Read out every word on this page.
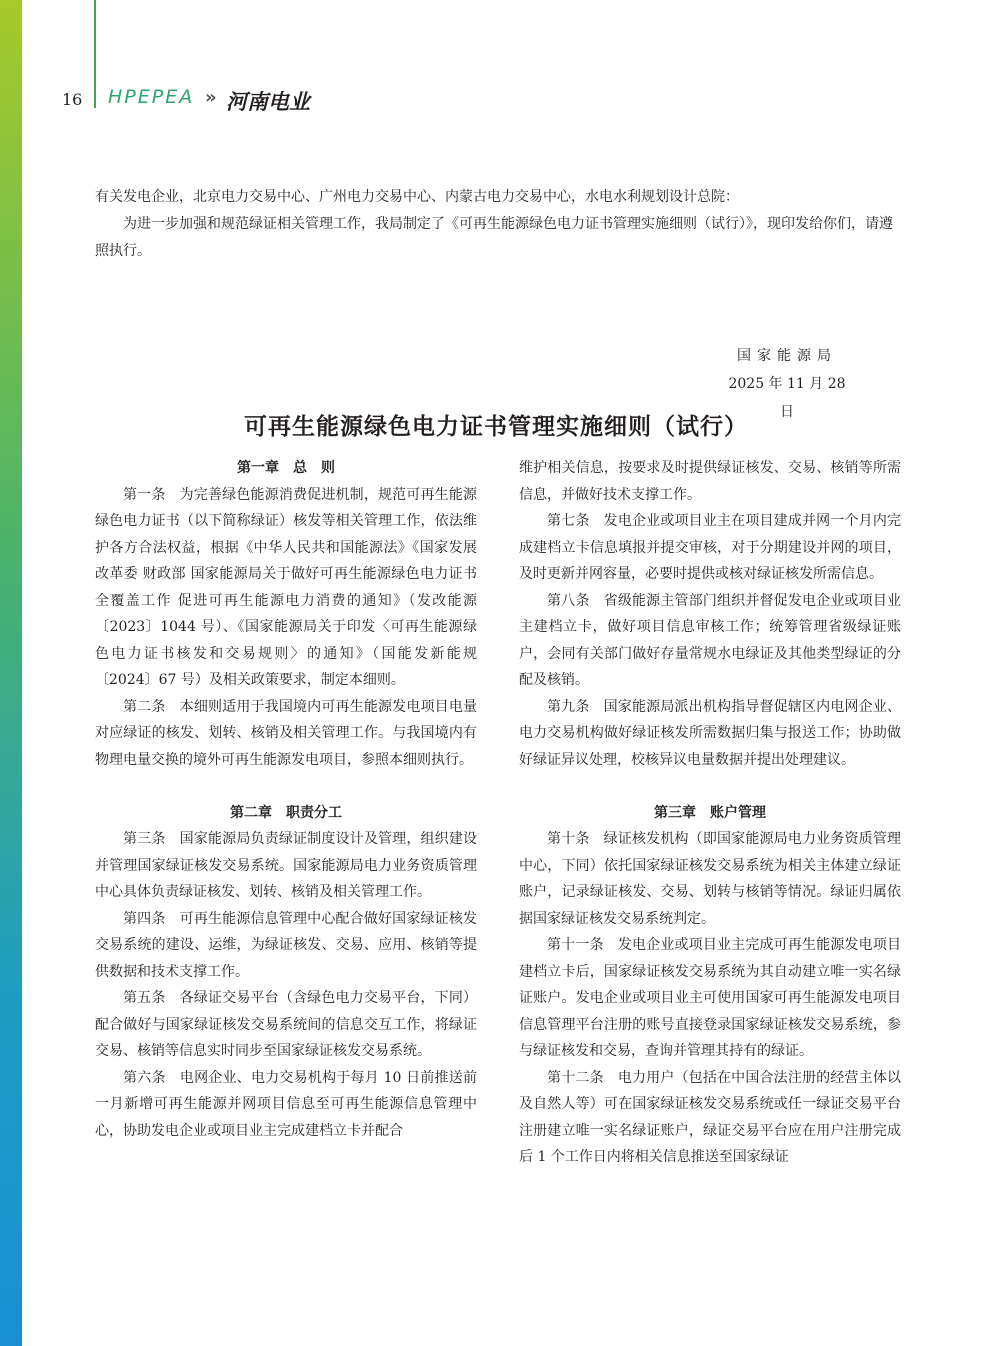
16 HPEPEA » 河南电业

有关发电企业，北京电力交易中心、广州电力交易中心、内蒙古电力交易中心，水电水利规划设计总院：

为进一步加强和规范绿证相关管理工作，我局制定了《可再生能源绿色电力证书管理实施细则（试行）》，现印发给你们，请遵照执行。

国家能源局
2025 年 11 月 28 日
可再生能源绿色电力证书管理实施细则（试行）

第一章　总　则

第一条　为完善绿色能源消费促进机制，规范可再生能源绿色电力证书（以下简称绿证）核发等相关管理工作，依法维护各方合法权益，根据《中华人民共和国能源法》《国家发展改革委 财政部 国家能源局关于做好可再生能源绿色电力证书全覆盖工作 促进可再生能源电力消费的通知》（发改能源〔2023〕1044 号）、《国家能源局关于印发〈可再生能源绿色电力证书核发和交易规则〉的通知》（国能发新能规〔2024〕67 号）及相关政策要求，制定本细则。

第二条　本细则适用于我国境内可再生能源发电项目电量对应绿证的核发、划转、核销及相关管理工作。与我国境内有物理电量交换的境外可再生能源发电项目，参照本细则执行。

第二章　职责分工

第三条　国家能源局负责绿证制度设计及管理，组织建设并管理国家绿证核发交易系统。国家能源局电力业务资质管理中心具体负责绿证核发、划转、核销及相关管理工作。

第四条　可再生能源信息管理中心配合做好国家绿证核发交易系统的建设、运维，为绿证核发、交易、应用、核销等提供数据和技术支撑工作。

第五条　各绿证交易平台（含绿色电力交易平台，下同）配合做好与国家绿证核发交易系统间的信息交互工作，将绿证交易、核销等信息实时同步至国家绿证核发交易系统。

第六条　电网企业、电力交易机构于每月 10 日前推送前一月新增可再生能源并网项目信息至可再生能源信息管理中心，协助发电企业或项目业主完成建档立卡并配合

维护相关信息，按要求及时提供绿证核发、交易、核销等所需信息，并做好技术支撑工作。

第七条　发电企业或项目业主在项目建成并网一个月内完成建档立卡信息填报并提交审核，对于分期建设并网的项目，及时更新并网容量，必要时提供或核对绿证核发所需信息。

第八条　省级能源主管部门组织并督促发电企业或项目业主建档立卡，做好项目信息审核工作；统筹管理省级绿证账户，会同有关部门做好存量常规水电绿证及其他类型绿证的分配及核销。

第九条　国家能源局派出机构指导督促辖区内电网企业、电力交易机构做好绿证核发所需数据归集与报送工作；协助做好绿证异议处理，校核异议电量数据并提出处理建议。

第三章　账户管理

第十条　绿证核发机构（即国家能源局电力业务资质管理中心，下同）依托国家绿证核发交易系统为相关主体建立绿证账户，记录绿证核发、交易、划转与核销等情况。绿证归属依据国家绿证核发交易系统判定。

第十一条　发电企业或项目业主完成可再生能源发电项目建档立卡后，国家绿证核发交易系统为其自动建立唯一实名绿证账户。发电企业或项目业主可使用国家可再生能源发电项目信息管理平台注册的账号直接登录国家绿证核发交易系统，参与绿证核发和交易，查询并管理其持有的绿证。

第十二条　电力用户（包括在中国合法注册的经营主体以及自然人等）可在国家绿证核发交易系统或任一绿证交易平台注册建立唯一实名绿证账户，绿证交易平台应在用户注册完成后 1 个工作日内将相关信息推送至国家绿证
